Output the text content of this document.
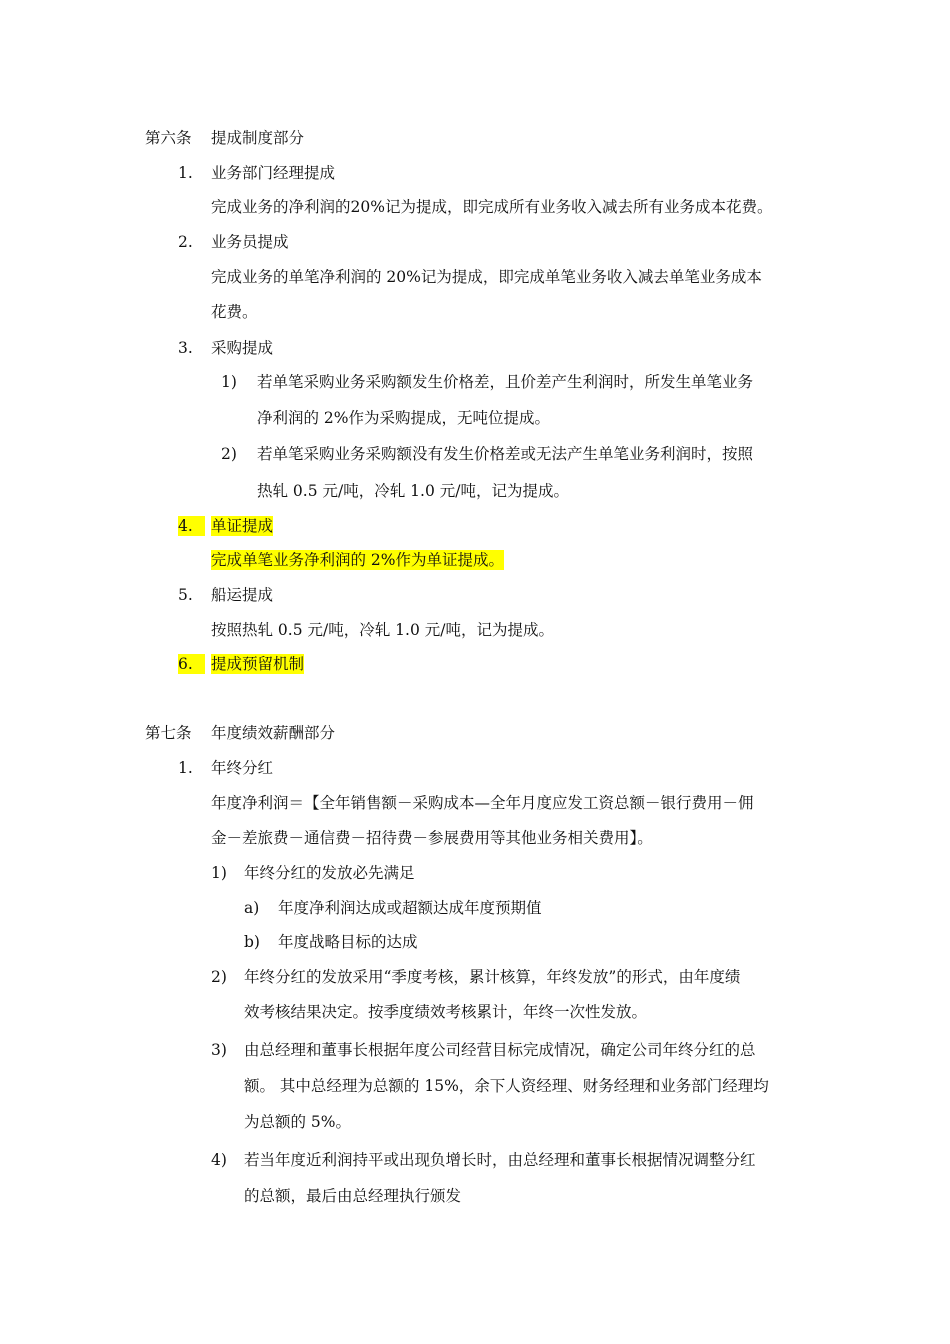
第六条 提成制度部分
1. 业务部门经理提成
完成业务的净利润的20%记为提成，即完成所有业务收入减去所有业务成本花费。
2. 业务员提成
完成业务的单笔净利润的 20%记为提成，即完成单笔业务收入减去单笔业务成本
花费。
3. 采购提成
1) 若单笔采购业务采购额发生价格差，且价差产生利润时，所发生单笔业务
净利润的 2%作为采购提成，无吨位提成。
2) 若单笔采购业务采购额没有发生价格差或无法产生单笔业务利润时，按照
热轧 0.5 元/吨，冷轧 1.0 元/吨，记为提成。
4.	单证提成
完成单笔业务净利润的 2%作为单证提成。
5. 船运提成
按照热轧 0.5 元/吨，冷轧 1.0 元/吨，记为提成。
6.	提成预留机制
第七条 年度绩效薪酬部分
1. 年终分红
年度净利润＝【全年销售额－采购成本—全年月度应发工资总额－银行费用－佣
金－差旅费－通信费－招待费－参展费用等其他业务相关费用】。
1) 年终分红的发放必先满足
a) 年度净利润达成或超额达成年度预期值
b) 年度战略目标的达成
2) 年终分红的发放采用“季度考核，累计核算，年终发放”的形式，由年度绩
效考核结果决定。按季度绩效考核累计，年终一次性发放。
3) 由总经理和董事长根据年度公司经营目标完成情况，确定公司年终分红的总
额。 其中总经理为总额的 15%，余下人资经理、财务经理和业务部门经理均
为总额的 5%。
4) 若当年度近利润持平或出现负增长时，由总经理和董事长根据情况调整分红
的总额，最后由总经理执行颁发
